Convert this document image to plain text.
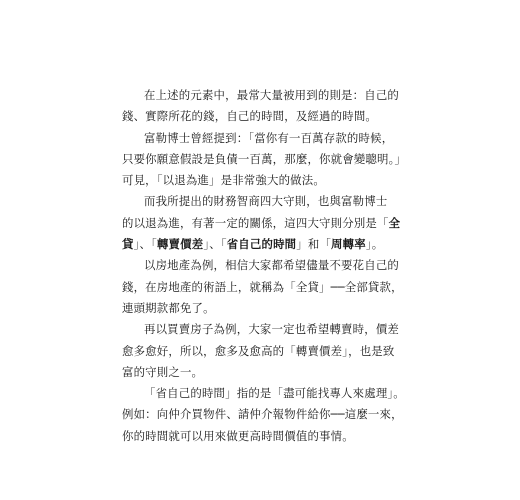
在上述的元素中，最常大量被用到的則是：自己的
錢、實際所花的錢，自己的時間，及經過的時間。
富勒博士曾經提到：「當你有一百萬存款的時候，
只要你願意假設是負債一百萬，那麼，你就會變聰明。」
可見，「以退為進」是非常強大的做法。
而我所提出的財務智商四大守則，也與富勒博士
的以退為進，有著一定的關係，這四大守則分別是「全
貸」、「轉賣價差」、「省自己的時間」和「周轉率」。
以房地產為例，相信大家都希望儘量不要花自己的
錢，在房地產的術語上，就稱為「全貸」──全部貸款，
連頭期款都免了。
再以買賣房子為例，大家一定也希望轉賣時，價差
愈多愈好，所以，愈多及愈高的「轉賣價差」，也是致
富的守則之一。
「省自己的時間」指的是「盡可能找專人來處理」。
例如：向仲介買物件、請仲介報物件給你──這麼一來，
你的時間就可以用來做更高時間價值的事情。
